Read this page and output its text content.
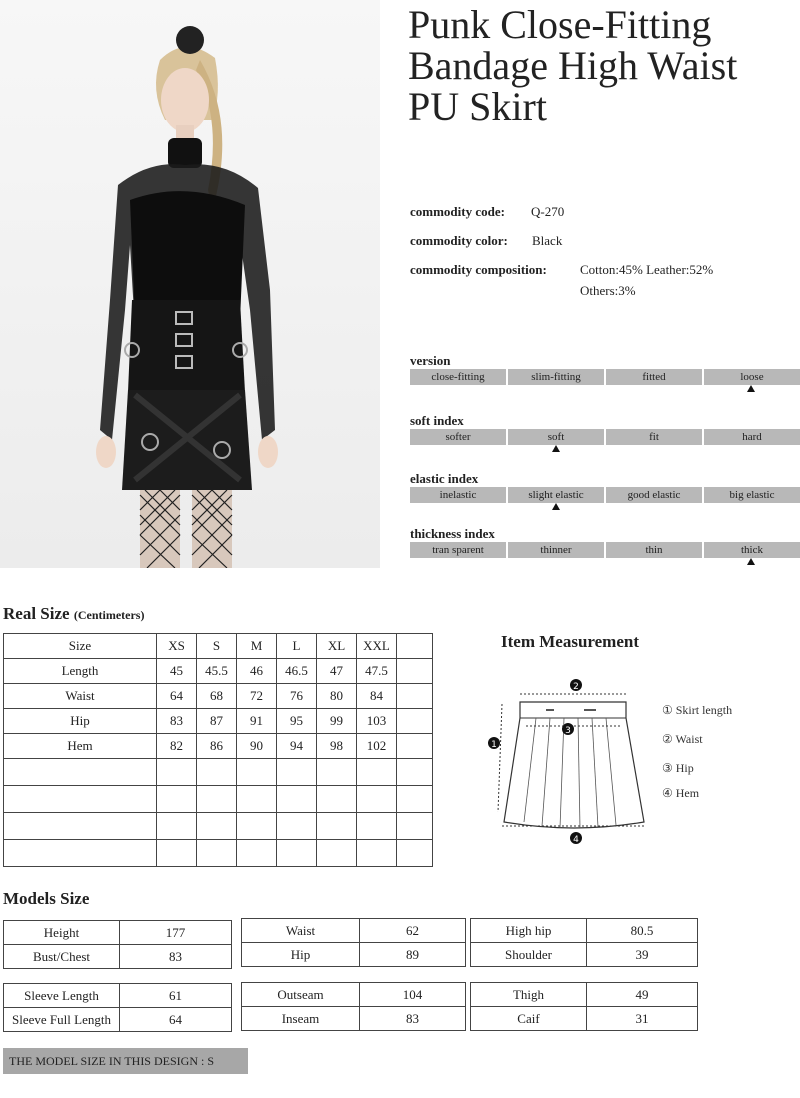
Punk Close-Fitting Bandage High Waist PU Skirt
commodity code: Q-270
commodity color: Black
commodity composition:	Cotton:45% Leather:52%
Others:3%
version
close-fitting	slim-fitting	fitted	loose
soft index
softer	soft	fit	hard
elastic index
inelastic	slight elastic	good elastic	big elastic
thickness index
tran sparent	thinner	thin	thick
Real Size (Centimeters)
Size	XS	S	M	L	XL	XXL	
Length	45	45.5	46	46.5	47	47.5	
Waist	64	68	72	76	80	84	
Hip	83	87	91	95	99	103	
Hem	82	86	90	94	98	102	

Item Measurement
2
3
1
4
① Skirt length
② Waist
③ Hip
④ Hem
Models Size
Height	177
Bust/Chest	83
Waist	62
Hip	89
High hip	80.5
Shoulder	39
Sleeve Length	61
Sleeve Full Length	64
Outseam	104
Inseam	83
Thigh	49
Caif	31
THE MODEL SIZE IN THIS DESIGN : S
